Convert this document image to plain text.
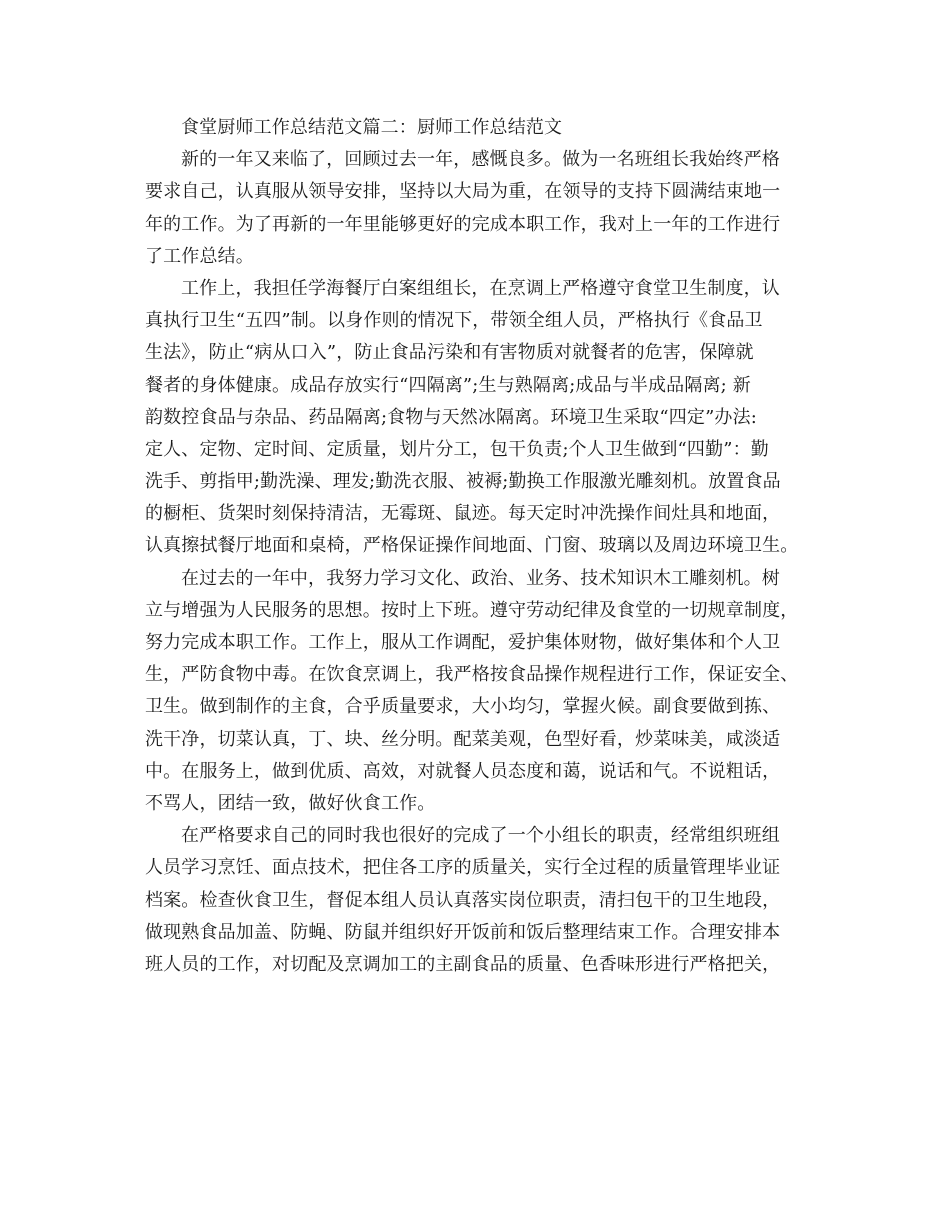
食堂厨师工作总结范文篇二：厨师工作总结范文
新的一年又来临了，回顾过去一年，感慨良多。做为一名班组长我始终严格
要求自己，认真服从领导安排，坚持以大局为重，在领导的支持下圆满结束地一
年的工作。为了再新的一年里能够更好的完成本职工作，我对上一年的工作进行
了工作总结。
工作上，我担任学海餐厅白案组组长，在烹调上严格遵守食堂卫生制度，认
真执行卫生“五四”制。以身作则的情况下，带领全组人员，严格执行《食品卫
生法》，防止“病从口入”，防止食品污染和有害物质对就餐者的危害，保障就
餐者的身体健康。成品存放实行“四隔离”;生与熟隔离;成品与半成品隔离; 新
韵数控食品与杂品、药品隔离;食物与天然冰隔离。环境卫生采取“四定”办法:
定人、定物、定时间、定质量，划片分工，包干负责;个人卫生做到“四勤”：勤
洗手、剪指甲;勤洗澡、理发;勤洗衣服、被褥;勤换工作服激光雕刻机。放置食品
的橱柜、货架时刻保持清洁，无霉斑、鼠迹。每天定时冲洗操作间灶具和地面，
认真擦拭餐厅地面和桌椅，严格保证操作间地面、门窗、玻璃以及周边环境卫生。
在过去的一年中，我努力学习文化、政治、业务、技术知识木工雕刻机。树
立与增强为人民服务的思想。按时上下班。遵守劳动纪律及食堂的一切规章制度，
努力完成本职工作。工作上，服从工作调配，爱护集体财物，做好集体和个人卫
生，严防食物中毒。在饮食烹调上，我严格按食品操作规程进行工作，保证安全、
卫生。做到制作的主食，合乎质量要求，大小均匀，掌握火候。副食要做到拣、
洗干净，切菜认真，丁、块、丝分明。配菜美观，色型好看，炒菜味美，咸淡适
中。在服务上，做到优质、高效，对就餐人员态度和蔼，说话和气。不说粗话，
不骂人，团结一致，做好伙食工作。
在严格要求自己的同时我也很好的完成了一个小组长的职责，经常组织班组
人员学习烹饪、面点技术，把住各工序的质量关，实行全过程的质量管理毕业证
档案。检查伙食卫生，督促本组人员认真落实岗位职责，清扫包干的卫生地段，
做现熟食品加盖、防蝇、防鼠并组织好开饭前和饭后整理结束工作。合理安排本
班人员的工作，对切配及烹调加工的主副食品的质量、色香味形进行严格把关，
